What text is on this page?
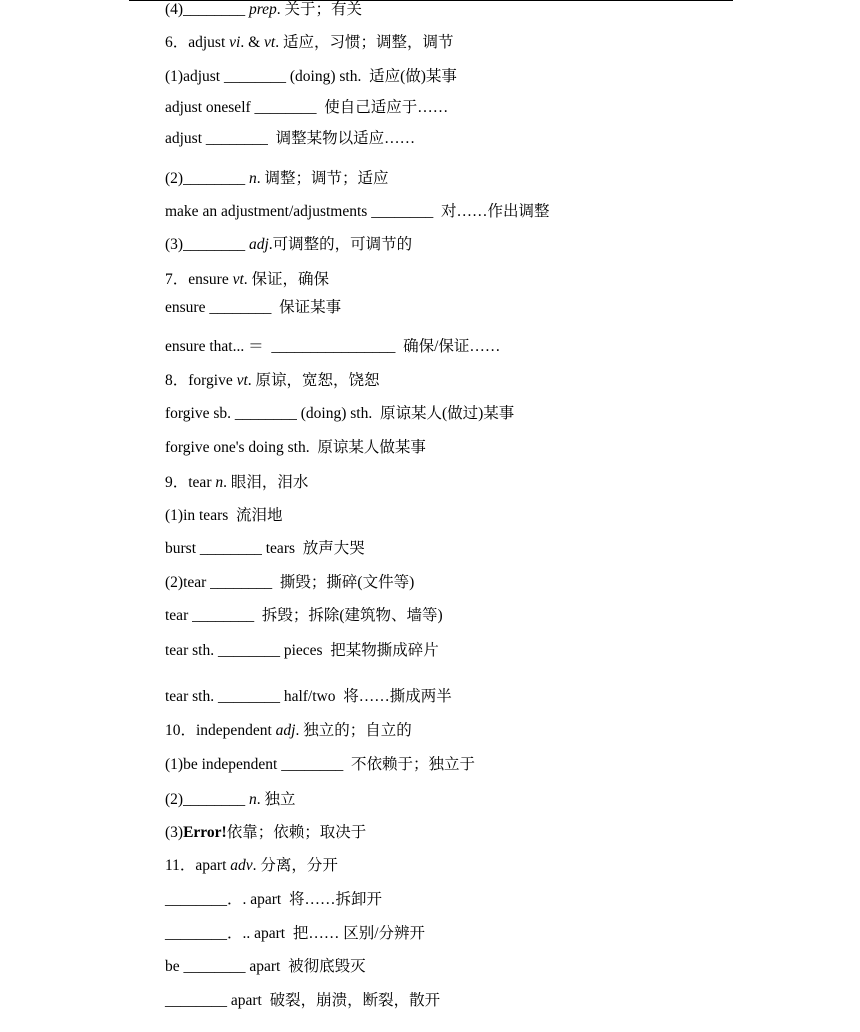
(4)________ prep. 关于；有关
6．adjust vi. & vt. 适应，习惯；调整，调节
(1)adjust ________ (doing) sth.  适应(做)某事
adjust oneself ________  使自己适应于……
adjust ________  调整某物以适应……
(2)________ n. 调整；调节；适应
make an adjustment/adjustments ________  对……作出调整
(3)________ adj.可调整的，可调节的
7．ensure vt. 保证，确保
ensure ________  保证某事
ensure that... ＝  ________________  确保/保证……
8．forgive vt. 原谅，宽恕，饶恕
forgive sb. ________ (doing) sth.  原谅某人(做过)某事
forgive one's doing sth.  原谅某人做某事
9．tear n. 眼泪，泪水
(1)in tears  流泪地
burst ________ tears  放声大哭
(2)tear ________  撕毁；撕碎(文件等)
tear ________  拆毁；拆除(建筑物、墙等)
tear sth. ________ pieces  把某物撕成碎片
tear sth. ________ half/two  将……撕成两半
10．independent adj. 独立的；自立的
(1)be independent ________  不依赖于；独立于
(2)________ n. 独立
(3)Error!依靠；依赖；取决于
11．apart adv. 分离，分开
________．. apart  将……拆卸开
________．.. apart  把…… 区别/分辨开
be ________ apart  被彻底毁灭
________ apart  破裂，崩溃，断裂，散开
